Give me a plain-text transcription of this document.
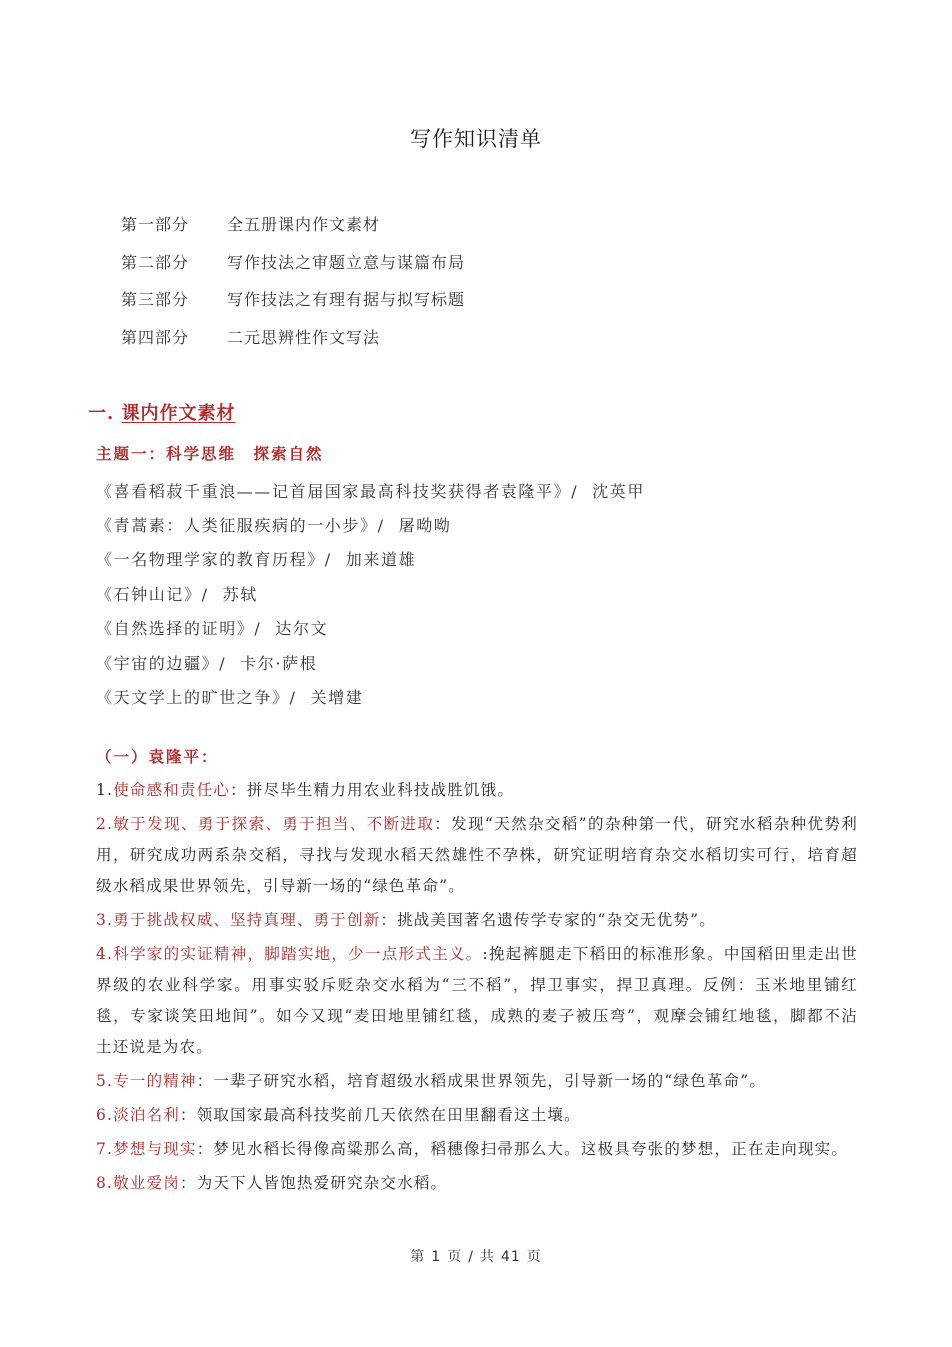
写作知识清单
第一部分	全五册课内作文素材
第二部分	写作技法之审题立意与谋篇布局
第三部分	写作技法之有理有据与拟写标题
第四部分	二元思辨性作文写法
一. 课内作文素材
主题一：科学思维　探索自然
《喜看稻菽千重浪——记首届国家最高科技奖获得者袁隆平》/ 沈英甲
《青蒿素：人类征服疾病的一小步》/ 屠呦呦
《一名物理学家的教育历程》/ 加来道雄
《石钟山记》/ 苏轼
《自然选择的证明》/ 达尔文
《宇宙的边疆》/ 卡尔·萨根
《天文学上的旷世之争》/ 关增建
（一）袁隆平：
1.使命感和责任心：拼尽毕生精力用农业科技战胜饥饿。
2.敏于发现、勇于探索、勇于担当、不断进取：发现“天然杂交稻”的杂种第一代，研究水稻杂种优势利用，研究成功两系杂交稻，寻找与发现水稻天然雄性不孕株，研究证明培育杂交水稻切实可行，培育超级水稻成果世界领先，引导新一场的“绿色革命”。
3.勇于挑战权威、坚持真理、勇于创新：挑战美国著名遗传学专家的“杂交无优势”。
4.科学家的实证精神，脚踏实地，少一点形式主义。:挽起裤腿走下稻田的标准形象。中国稻田里走出世界级的农业科学家。用事实驳斥贬杂交水稻为“三不稻”，捍卫事实，捍卫真理。反例：玉米地里铺红毯，专家谈笑田地间”。如今又现“麦田地里铺红毯，成熟的麦子被压弯”，观摩会铺红地毯，脚都不沾土还说是为农。
5.专一的精神：一辈子研究水稻，培育超级水稻成果世界领先，引导新一场的“绿色革命”。
6.淡泊名利：领取国家最高科技奖前几天依然在田里翻看这土壤。
7.梦想与现实：梦见水稻长得像高粱那么高，稻穗像扫帚那么大。这极具夸张的梦想，正在走向现实。
8.敬业爱岗：为天下人皆饱热爱研究杂交水稻。
第 1 页 / 共 41 页
